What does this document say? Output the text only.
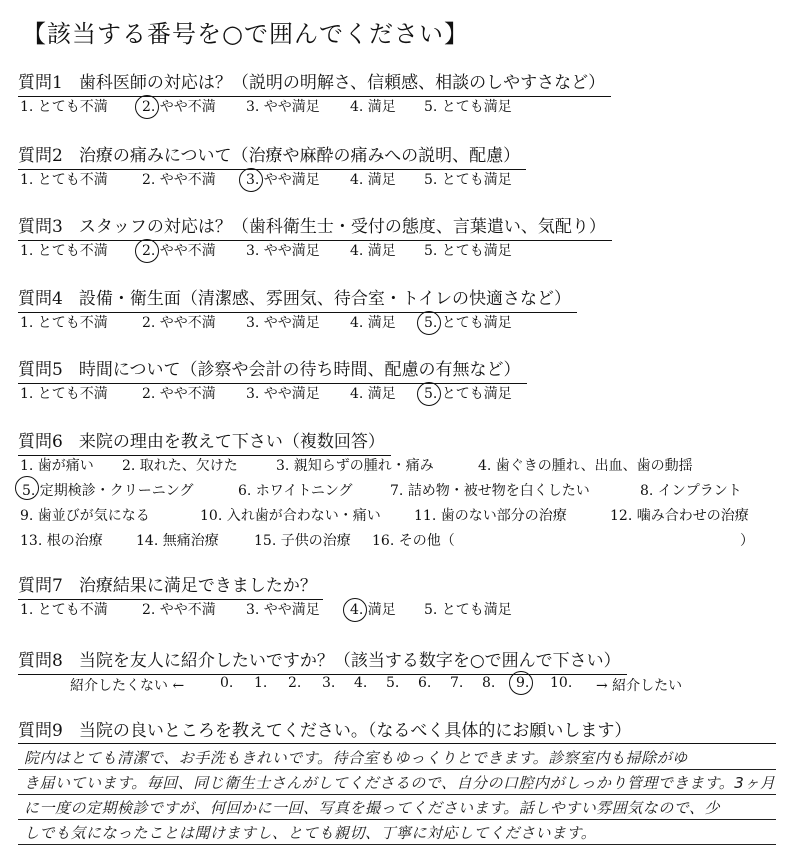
【該当する番号を○で囲んでください】
質問1 歯科医師の対応は？（説明の明解さ、信頼感、相談のしやすさなど）
1. とても不満 2. やや不満 3. やや満足 4. 満足 5. とても満足
質問2 治療の痛みについて（治療や麻酔の痛みへの説明、配慮）
1. とても不満 2. やや不満 3. やや満足 4. 満足 5. とても満足
質問3 スタッフの対応は？（歯科衛生士・受付の態度、言葉遣い、気配り）
1. とても不満 2. やや不満 3. やや満足 4. 満足 5. とても満足
質問4 設備・衛生面（清潔感、雰囲気、待合室・トイレの快適さなど）
1. とても不満 2. やや不満 3. やや満足 4. 満足 5. とても満足
質問5 時間について（診察や会計の待ち時間、配慮の有無など）
1. とても不満 2. やや不満 3. やや満足 4. 満足 5. とても満足
質問6 来院の理由を教えて下さい（複数回答）
1. 歯が痛い 2. 取れた、欠けた	3. 親知らずの腫れ・痛み	4. 歯ぐきの腫れ、出血、歯の動揺
5. 定期検診・クリーニング	6. ホワイトニング	7. 詰め物・被せ物を白くしたい	8. インプラント
9. 歯並びが気になる	10. 入れ歯が合わない・痛い 11. 歯のない部分の治療	12. 噛み合わせの治療
13. 根の治療 14. 無痛治療	15. 子供の治療 16. その他（	）
質問7 治療結果に満足できましたか？
1. とても不満 2. やや不満 3. やや満足 4. 満足 5. とても満足
質問8 当院を友人に紹介したいですか？（該当する数字を○で囲んで下さい）
紹介したくない ←	0. 1. 2. 3. 4. 5. 6. 7. 8. 9. 10. → 紹介したい
質問9 当院の良いところを教えてください。（なるべく具体的にお願いします）
院内はとても清潔で、お手洗もきれいです。待合室もゆっくりとできます。診察室内も掃除がゆ
き届いています。毎回、同じ衛生士さんがしてくださるので、自分の口腔内がしっかり管理できます。3ヶ月
に一度の定期検診ですが、何回かに一回、写真を撮ってくださいます。話しやすい雰囲気なので、少
しでも気になったことは聞けますし、とても親切、丁寧に対応してくださいます。
